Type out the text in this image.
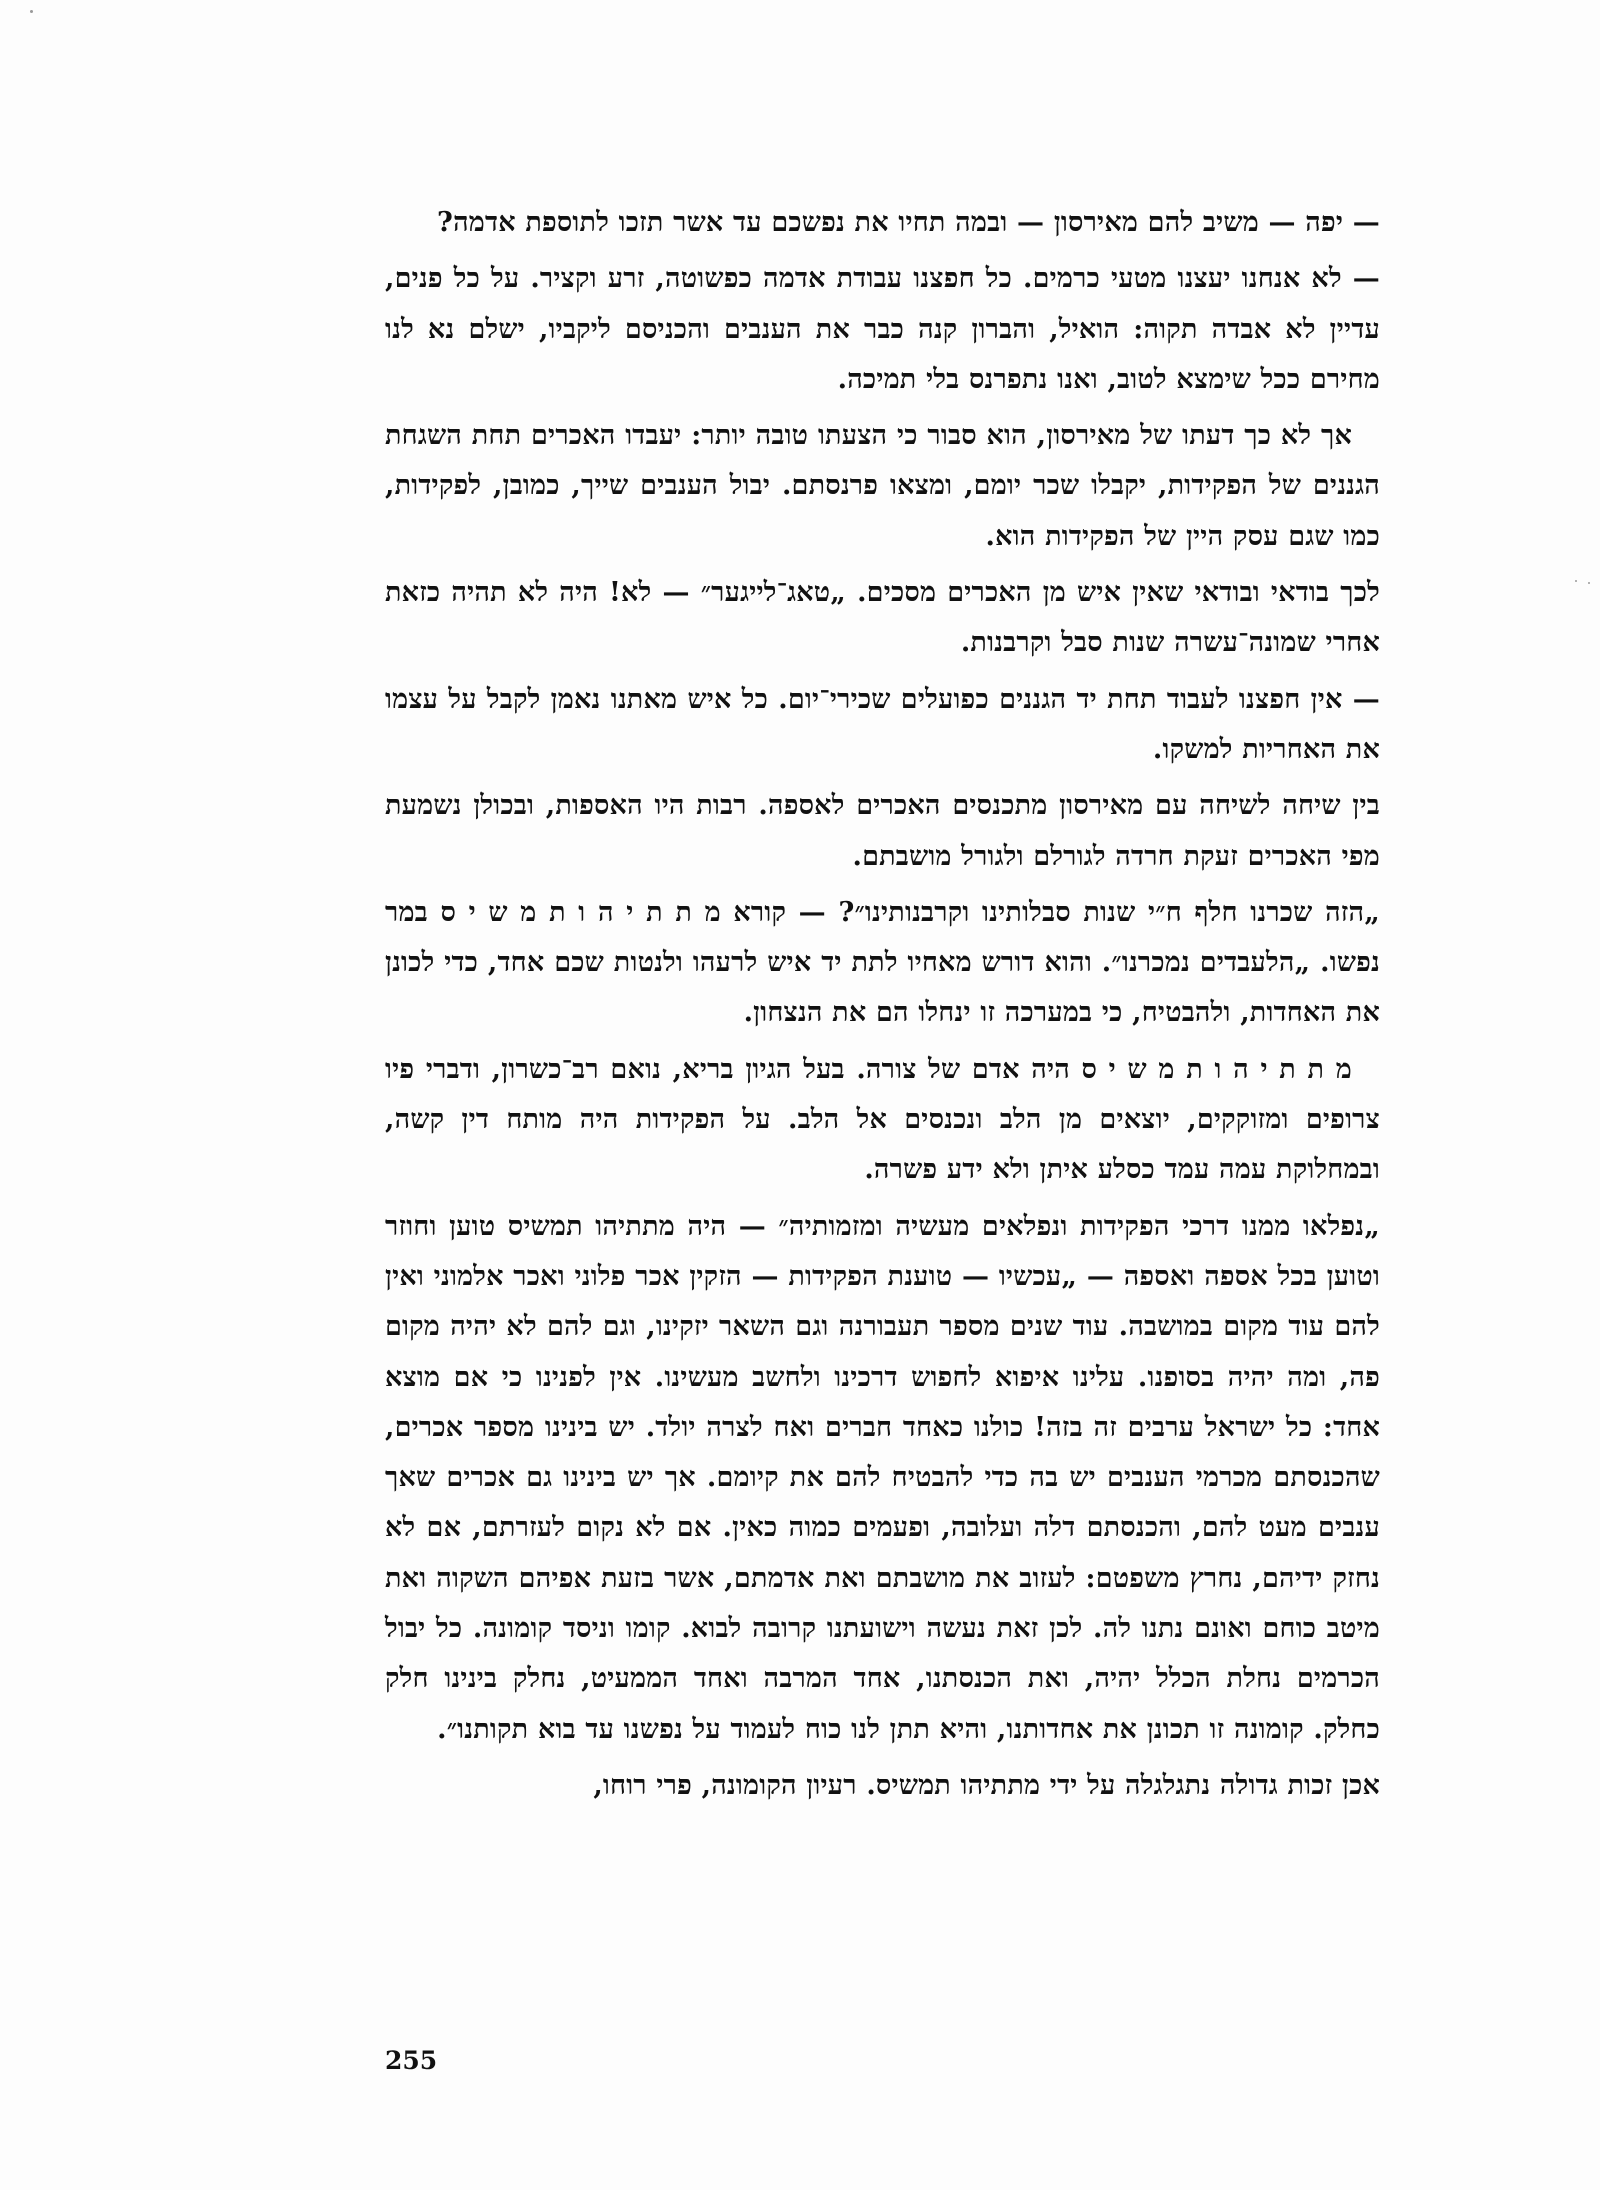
— יפה — משיב להם מאירסון — ובמה תחיו את נפשכם עד אשר תזכו לתוספת אדמה?

— לא אנחנו יעצנו מטעי כרמים. כל חפצנו עבודת אדמה כפשוטה, זרע וקציר. על כל פנים, עדיין לא אבדה תקוה: הואיל, והברון קנה כבר את הענבים והכניסם ליקביו, ישלם נא לנו מחירם ככל שימצא לטוב, ואנו נתפרנס בלי תמיכה.

אך לא כך דעתו של מאירסון, הוא סבור כי הצעתו טובה יותר: יעבדו האכרים תחת השגחת הגננים של הפקידות, יקבלו שכר יומם, ומצאו פרנסתם. יבול הענבים שייך, כמובן, לפקידות, כמו שגם עסק היין של הפקידות הוא.

לכך בודאי ובודאי שאין איש מן האכרים מסכים. „טאג־לייגער״ — לא! היה לא תהיה כזאת אחרי שמונה־עשרה שנות סבל וקרבנות.

— אין חפצנו לעבוד תחת יד הגננים כפועלים שכירי־יום. כל איש מאתנו נאמן לקבל על עצמו את האחריות למשקו.

בין שיחה לשיחה עם מאירסון מתכנסים האכרים לאספה. רבות היו האספות, ובכולן נשמעת מפי האכרים זעקת חרדה לגורלם ולגורל מושבתם.

„הזה שכרנו חלף ח״י שנות סבלותינו וקרבנותינו״? — קורא מ ת ת י ה ו ת מ ש י ס במר נפשו. „הלעבדים נמכרנו״. והוא דורש מאחיו לתת יד איש לרעהו ולנטות שכם אחד, כדי לכונן את האחדות, ולהבטיח, כי במערכה זו ינחלו הם את הנצחון.

מ ת ת י ה ו ת מ ש י ס היה אדם של צורה. בעל הגיון בריא, נואם רב־כשרון, ודברי פיו צרופים ומזוקקים, יוצאים מן הלב ונכנסים אל הלב. על הפקידות היה מותח דין קשה, ובמחלוקת עמה עמד כסלע איתן ולא ידע פשרה.

„נפלאו ממנו דרכי הפקידות ונפלאים מעשיה ומזמותיה״ — היה מתתיהו תמשיס טוען וחוזר וטוען בכל אספה ואספה — „עכשיו — טוענת הפקידות — הזקין אכר פלוני ואכר אלמוני ואין להם עוד מקום במושבה. עוד שנים מספר תעבורנה וגם השאר יזקינו, וגם להם לא יהיה מקום פה, ומה יהיה בסופנו. עלינו איפוא לחפוש דרכינו ולחשב מעשינו. אין לפנינו כי אם מוצא אחד: כל ישראל ערבים זה בזה! כולנו כאחד חברים ואח לצרה יולד. יש בינינו מספר אכרים, שהכנסתם מכרמי הענבים יש בה כדי להבטיח להם את קיומם. אך יש בינינו גם אכרים שאך ענבים מעט להם, והכנסתם דלה ועלובה, ופעמים כמוה כאין. אם לא נקום לעזרתם, אם לא נחזק ידיהם, נחרץ משפטם: לעזוב את מושבתם ואת אדמתם, אשר בזעת אפיהם השקוה ואת מיטב כוחם ואונם נתנו לה. לכן זאת נעשה וישועתנו קרובה לבוא. קומו וניסד קומונה. כל יבול הכרמים נחלת הכלל יהיה, ואת הכנסתנו, אחד המרבה ואחד הממעיט, נחלק בינינו חלק כחלק. קומונה זו תכונן את אחדותנו, והיא תתן לנו כוח לעמוד על נפשנו עד בוא תקותנו״.

אכן זכות גדולה נתגלגלה על ידי מתתיהו תמשיס. רעיון הקומונה, פרי רוחו,

255
